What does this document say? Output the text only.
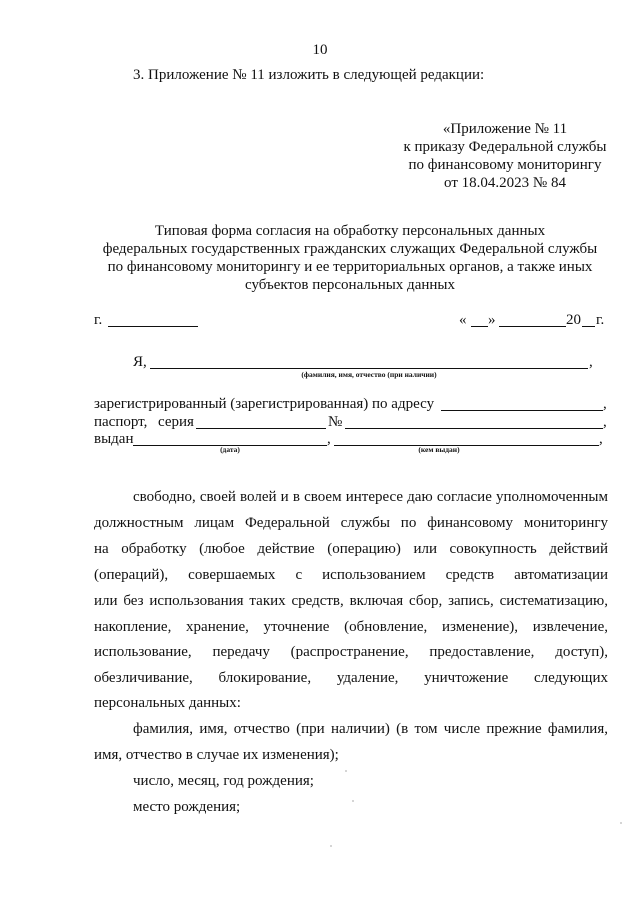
10
3. Приложение № 11 изложить в следующей редакции:
«Приложение № 11
к приказу Федеральной службы
по финансовому мониторингу
от 18.04.2023 № 84
Типовая форма согласия на обработку персональных данных
федеральных государственных гражданских служащих Федеральной службы
по финансовому мониторингу и ее территориальных органов, а также иных
субъектов персональных данных
г.	« »	20 г.
Я,	,
(фамилия, имя, отчество (при наличии)
зарегистрированный (зарегистрированная) по адресу	,
паспорт, серия	№	,
выдан	,	,
(дата)	(кем выдан)
свободно, своей волей и в своем интересе даю согласие уполномоченным
должностным лицам Федеральной службы по финансовому мониторингу
на обработку (любое действие (операцию) или совокупность действий
(операций), совершаемых с использованием средств автоматизации
или без использования таких средств, включая сбор, запись, систематизацию,
накопление, хранение, уточнение (обновление, изменение), извлечение,
использование, передачу (распространение, предоставление, доступ),
обезличивание, блокирование, удаление, уничтожение следующих
персональных данных:
фамилия, имя, отчество (при наличии) (в том числе прежние фамилия,
имя, отчество в случае их изменения);
число, месяц, год рождения;
место рождения;
